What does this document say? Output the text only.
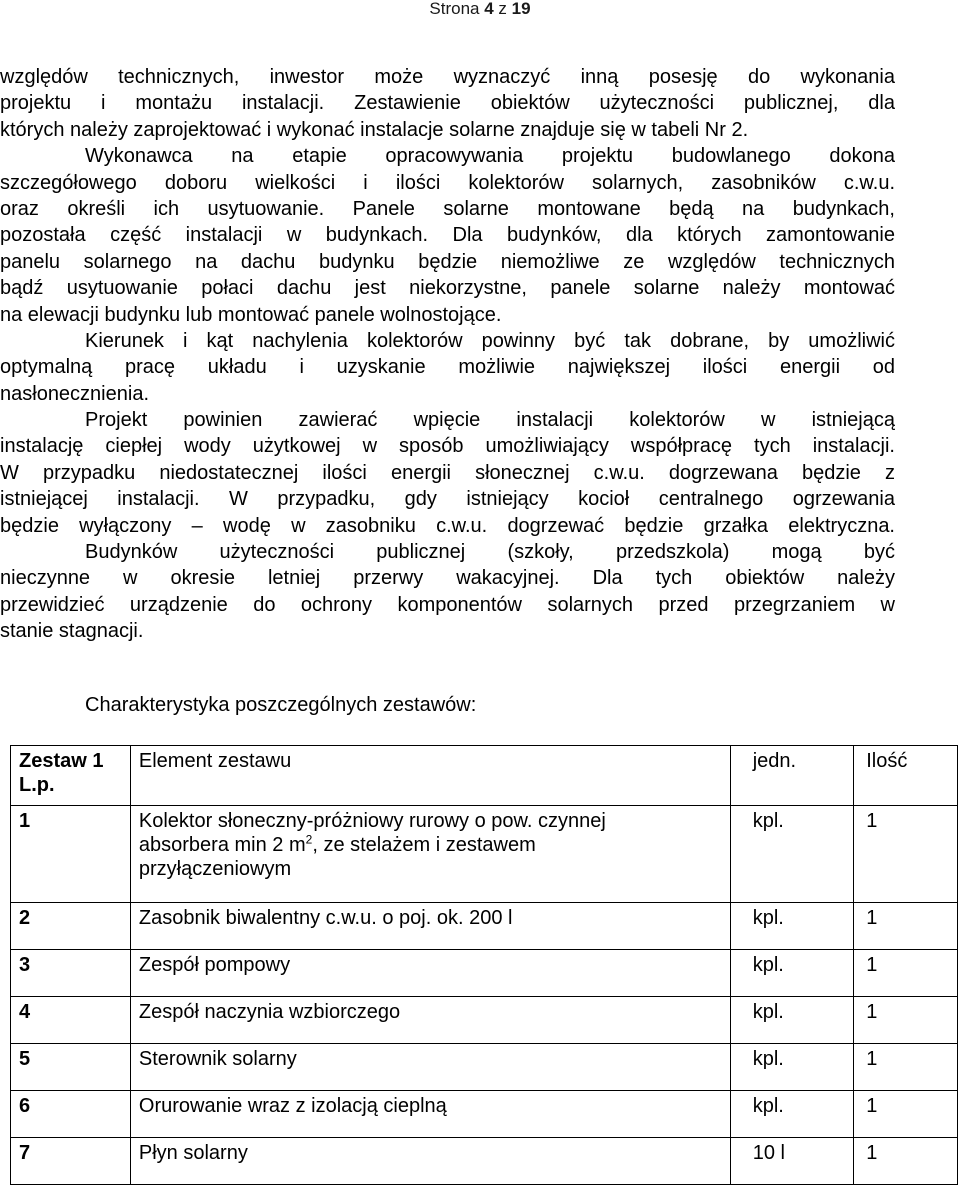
Strona 4 z 19
względów technicznych, inwestor może wyznaczyć inną posesję do wykonania
projektu i montażu instalacji. Zestawienie obiektów użyteczności publicznej, dla
których należy zaprojektować i wykonać instalacje solarne znajduje się w tabeli Nr 2.
Wykonawca na etapie opracowywania projektu budowlanego dokona
szczegółowego doboru wielkości i ilości kolektorów solarnych, zasobników c.w.u.
oraz określi ich usytuowanie. Panele solarne montowane będą na budynkach,
pozostała część instalacji w budynkach. Dla budynków, dla których zamontowanie
panelu solarnego na dachu budynku będzie niemożliwe ze względów technicznych
bądź usytuowanie połaci dachu jest niekorzystne, panele solarne należy montować
na elewacji budynku lub montować panele wolnostojące.
Kierunek i kąt nachylenia kolektorów powinny być tak dobrane, by umożliwić
optymalną pracę układu i uzyskanie możliwie największej ilości energii od
nasłonecznienia.
Projekt powinien zawierać wpięcie instalacji kolektorów w istniejącą
instalację ciepłej wody użytkowej w sposób umożliwiający współpracę tych instalacji.
W przypadku niedostatecznej ilości energii słonecznej c.w.u. dogrzewana będzie z
istniejącej instalacji. W przypadku, gdy istniejący kocioł centralnego ogrzewania
będzie wyłączony – wodę w zasobniku c.w.u. dogrzewać będzie grzałka elektryczna.
Budynków użyteczności publicznej (szkoły, przedszkola) mogą być
nieczynne w okresie letniej przerwy wakacyjnej. Dla tych obiektów należy
przewidzieć urządzenie do ochrony komponentów solarnych przed przegrzaniem w
stanie stagnacji.
Charakterystyka poszczególnych zestawów:
Zestaw 1
L.p.	Element zestawu	jedn.	Ilość
1	Kolektor słoneczny-próżniowy rurowy o pow. czynnej
absorbera min 2 $m^2$, ze stelażem i zestawem
przyłączeniowym	kpl.	1
2	Zasobnik biwalentny c.w.u. o poj. ok. 200 l	kpl.	1
3	Zespół pompowy	kpl.	1
4	Zespół naczynia wzbiorczego	kpl.	1
5	Sterownik solarny	kpl.	1
6	Orurowanie wraz z izolacją cieplną	kpl.	1
7	Płyn solarny	10 l	1
